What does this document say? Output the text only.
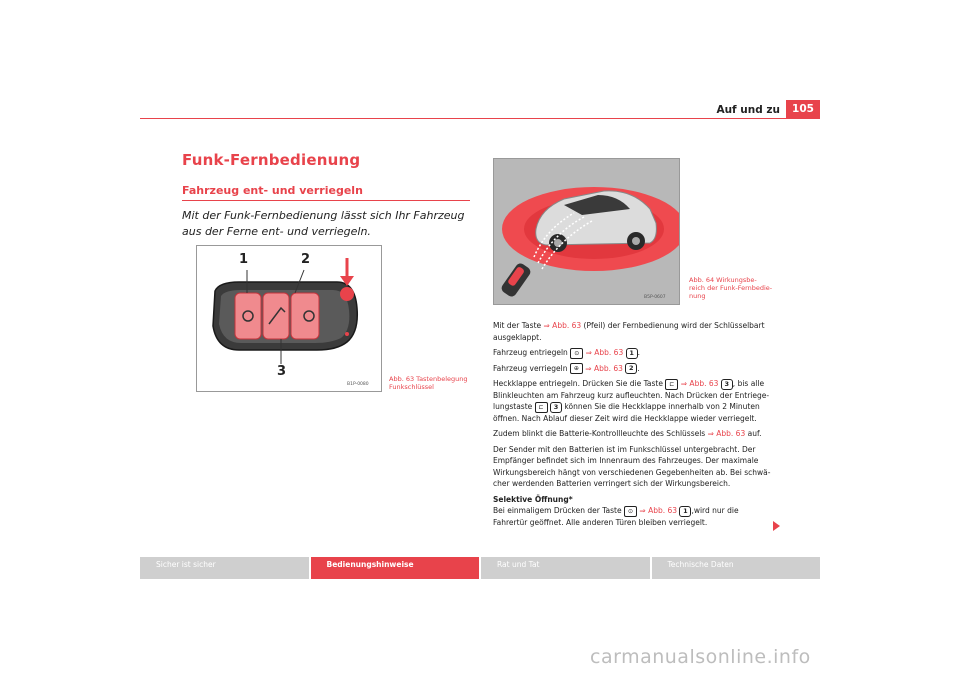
Auf und zu	105
Funk-Fernbedienung
Fahrzeug ent- und verriegeln
Mit der Funk-Fernbedienung lässt sich Ihr Fahrzeug aus der Ferne ent- und verriegeln.
1	2
3
B1P-0080
Abb. 63 Tastenbelegung
Funkschlüssel
B5P-0607
Abb. 64 Wirkungsbe-
reich der Funk-Fernbedie-
nung

Mit der Taste ⇒ Abb. 63 (Pfeil) der Fernbedienung wird der Schlüsselbart ausgeklappt.

Fahrzeug entriegeln ⊙ ⇒ Abb. 63 1 .

Fahrzeug verriegeln ⊕ ⇒ Abb. 63 2 .

Heckklappe entriegeln. Drücken Sie die Taste ⊏ ⇒ Abb. 63 3 , bis alle Blinkleuchten am Fahrzeug kurz aufleuchten. Nach Drücken der Entriege-lungstaste ⊏ 3 können Sie die Heckklappe innerhalb von 2 Minuten öffnen. Nach Ablauf dieser Zeit wird die Heckklappe wieder verriegelt.

Zudem blinkt die Batterie-Kontrollleuchte des Schlüssels ⇒ Abb. 63 auf.

Der Sender mit den Batterien ist im Funkschlüssel untergebracht. Der Empfänger befindet sich im Innenraum des Fahrzeuges. Der maximale Wirkungsbereich hängt von verschiedenen Gegebenheiten ab. Bei schwä-cher werdenden Batterien verringert sich der Wirkungsbereich.

Selektive Öffnung*

Bei einmaligem Drücken der Taste ⊙ ⇒ Abb. 63 1 ,wird nur die Fahrertür geöffnet. Alle anderen Türen bleiben verriegelt.

Sicher ist sicher	Bedienungshinweise	Rat und Tat	Technische Daten
carmanualsonline.info
